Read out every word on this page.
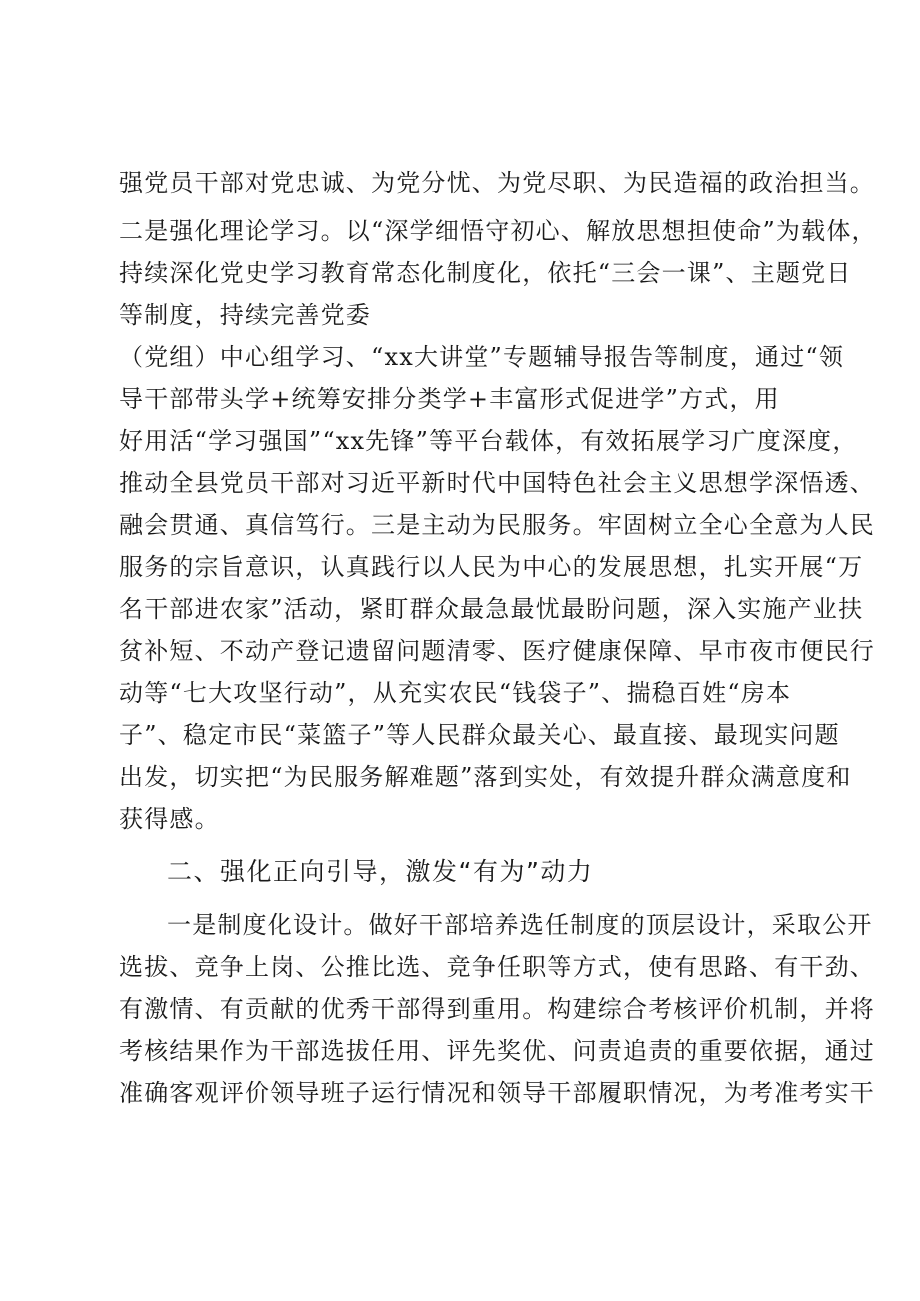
强党员干部对党忠诚、为党分忧、为党尽职、为民造福的政治担当。
二是强化理论学习。以“深学细悟守初心、解放思想担使命”为载体，
持续深化党史学习教育常态化制度化，依托“三会一课”、主题党日
等制度，持续完善党委
（党组）中心组学习、“xx大讲堂”专题辅导报告等制度，通过“领
导干部带头学+统筹安排分类学+丰富形式促进学”方式，用
好用活“学习强国”“xx先锋”等平台载体，有效拓展学习广度深度，
推动全县党员干部对习近平新时代中国特色社会主义思想学深悟透、
融会贯通、真信笃行。三是主动为民服务。牢固树立全心全意为人民
服务的宗旨意识，认真践行以人民为中心的发展思想，扎实开展“万
名干部进农家”活动，紧盯群众最急最忧最盼问题，深入实施产业扶
贫补短、不动产登记遗留问题清零、医疗健康保障、早市夜市便民行
动等“七大攻坚行动”，从充实农民“钱袋子”、揣稳百姓“房本
子”、稳定市民“菜篮子”等人民群众最关心、最直接、最现实问题
出发，切实把“为民服务解难题”落到实处，有效提升群众满意度和
获得感。
二、强化正向引导，激发“有为”动力
一是制度化设计。做好干部培养选任制度的顶层设计，采取公开
选拔、竞争上岗、公推比选、竞争任职等方式，使有思路、有干劲、
有激情、有贡献的优秀干部得到重用。构建综合考核评价机制，并将
考核结果作为干部选拔任用、评先奖优、问责追责的重要依据，通过
准确客观评价领导班子运行情况和领导干部履职情况，为考准考实干
